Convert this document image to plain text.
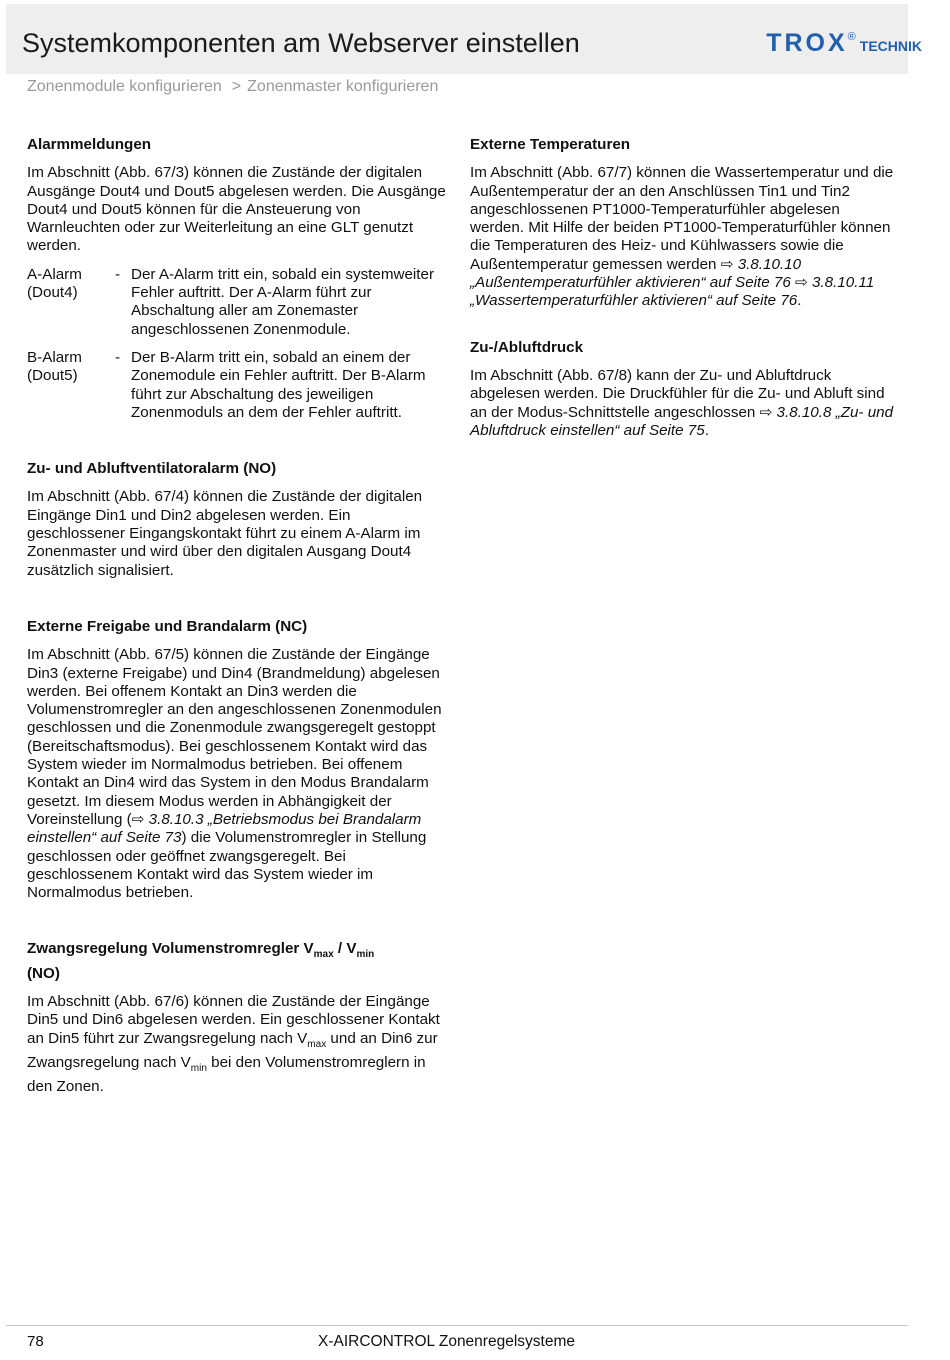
Systemkomponenten am Webserver einstellen	TROX®TECHNIK
Zonenmodule konfigurieren > Zonenmaster konfigurieren
Alarmmeldungen

Im Abschnitt (Abb. 67/3) können die Zustände der digitalen Ausgänge Dout4 und Dout5 abgelesen werden. Die Ausgänge Dout4 und Dout5 können für die Ansteuerung von Warnleuchten oder zur Weiterleitung an eine GLT genutzt werden.

A-Alarm
(Dout4)
- Der A-Alarm tritt ein, sobald ein systemweiter Fehler auftritt. Der A-Alarm führt zur Abschaltung aller am Zonemaster angeschlossenen Zonenmodule.
B-Alarm
(Dout5)
- Der B-Alarm tritt ein, sobald an einem der Zonemodule ein Fehler auftritt. Der B-Alarm führt zur Abschaltung des jeweiligen Zonenmoduls an dem der Fehler auftritt.
Zu- und Abluftventilatoralarm (NO)

Im Abschnitt (Abb. 67/4) können die Zustände der digitalen Eingänge Din1 und Din2 abgelesen werden. Ein geschlossener Eingangskontakt führt zu einem A-Alarm im Zonenmaster und wird über den digitalen Ausgang Dout4 zusätzlich signalisiert.

Externe Freigabe und Brandalarm (NC)

Im Abschnitt (Abb. 67/5) können die Zustände der Eingänge Din3 (externe Freigabe) und Din4 (Brandmeldung) abgelesen werden. Bei offenem Kontakt an Din3 werden die Volumenstromregler an den angeschlossenen Zonenmodulen geschlossen und die Zonenmodule zwangsgeregelt gestoppt (Bereitschaftsmodus). Bei geschlossenem Kontakt wird das System wieder im Normalmodus betrieben. Bei offenem Kontakt an Din4 wird das System in den Modus Brandalarm gesetzt. Im diesem Modus werden in Abhängigkeit der Voreinstellung (⇨ 3.8.10.3 „Betriebsmodus bei Brandalarm einstellen“ auf Seite 73) die Volumenstromregler in Stellung geschlossen oder geöffnet zwangsgeregelt. Bei geschlossenem Kontakt wird das System wieder im Normalmodus betrieben.

Zwangsregelung Volumenstromregler $V_{max} / V_{min}$
(NO)

Im Abschnitt (Abb. 67/6) können die Zustände der Eingänge Din5 und Din6 abgelesen werden. Ein geschlossener Kontakt an Din5 führt zur Zwangsregelung nach $V_{max}$ und an Din6 zur Zwangsregelung nach $V_{min}$ bei den Volumenstromreglern in den Zonen.

Externe Temperaturen

Im Abschnitt (Abb. 67/7) können die Wassertemperatur und die Außentemperatur der an den Anschlüssen Tin1 und Tin2 angeschlossenen PT1000-Temperaturfühler abgelesen werden. Mit Hilfe der beiden PT1000-Temperaturfühler können die Temperaturen des Heiz- und Kühlwassers sowie die Außentemperatur gemessen werden ⇨ 3.8.10.10 „Außentemperaturfühler aktivieren“ auf Seite 76 ⇨ 3.8.10.11 „Wassertemperaturfühler aktivieren“ auf Seite 76.

Zu-/Abluftdruck

Im Abschnitt (Abb. 67/8) kann der Zu- und Abluftdruck abgelesen werden. Die Druckfühler für die Zu- und Abluft sind an der Modus-Schnittstelle angeschlossen ⇨ 3.8.10.8 „Zu- und Abluftdruck einstellen“ auf Seite 75.

78	X-AIRCONTROL Zonenregelsysteme
